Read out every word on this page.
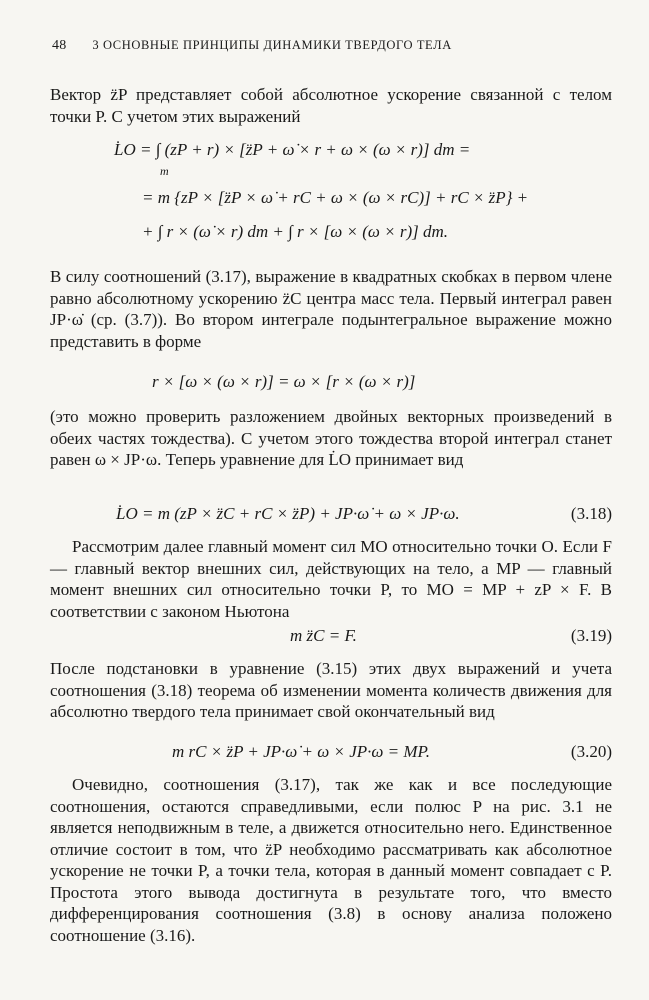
48 3 ОСНОВНЫЕ ПРИНЦИПЫ ДИНАМИКИ ТВЕРДОГО ТЕЛА
Вектор z̈P представляет собой абсолютное ускорение связанной с телом точки P. С учетом этих выражений
L̇O = ∫ (zP + r) × [z̈P + ω̇ × r + ω × (ω × r)] dm =
m
= m {zP × [z̈P × ω̇ + rC + ω × (ω × rC)] + rC × z̈P} +
+ ∫ r × (ω̇ × r) dm + ∫ r × [ω × (ω × r)] dm.
В силу соотношений (3.17), выражение в квадратных скобках в первом члене равно абсолютному ускорению z̈C центра масс тела. Первый интеграл равен JP·ω̇ (ср. (3.7)). Во втором интеграле подынтегральное выражение можно представить в форме
r × [ω × (ω × r)] = ω × [r × (ω × r)]
(это можно проверить разложением двойных векторных произведений в обеих частях тождества). С учетом этого тождества второй интеграл станет равен ω × JP·ω. Теперь уравнение для L̇O принимает вид
L̇O = m (zP × z̈C + rC × z̈P) + JP·ω̇ + ω × JP·ω.	(3.18)
Рассмотрим далее главный момент сил MO относительно точки O. Если F — главный вектор внешних сил, действующих на тело, а MP — главный момент внешних сил относительно точки P, то MO = MP + zP × F. В соответствии с законом Ньютона
m z̈C = F.	(3.19)
После подстановки в уравнение (3.15) этих двух выражений и учета соотношения (3.18) теорема об изменении момента количеств движения для абсолютно твердого тела принимает свой окончательный вид
m rC × z̈P + JP·ω̇ + ω × JP·ω = MP.	(3.20)
Очевидно, соотношения (3.17), так же как и все последующие соотношения, остаются справедливыми, если полюс P на рис. 3.1 не является неподвижным в теле, а движется относительно него. Единственное отличие состоит в том, что z̈P необходимо рассматривать как абсолютное ускорение не точки P, а точки тела, которая в данный момент совпадает с P. Простота этого вывода достигнута в результате того, что вместо дифференцирования соотношения (3.8) в основу анализа положено соотношение (3.16).
